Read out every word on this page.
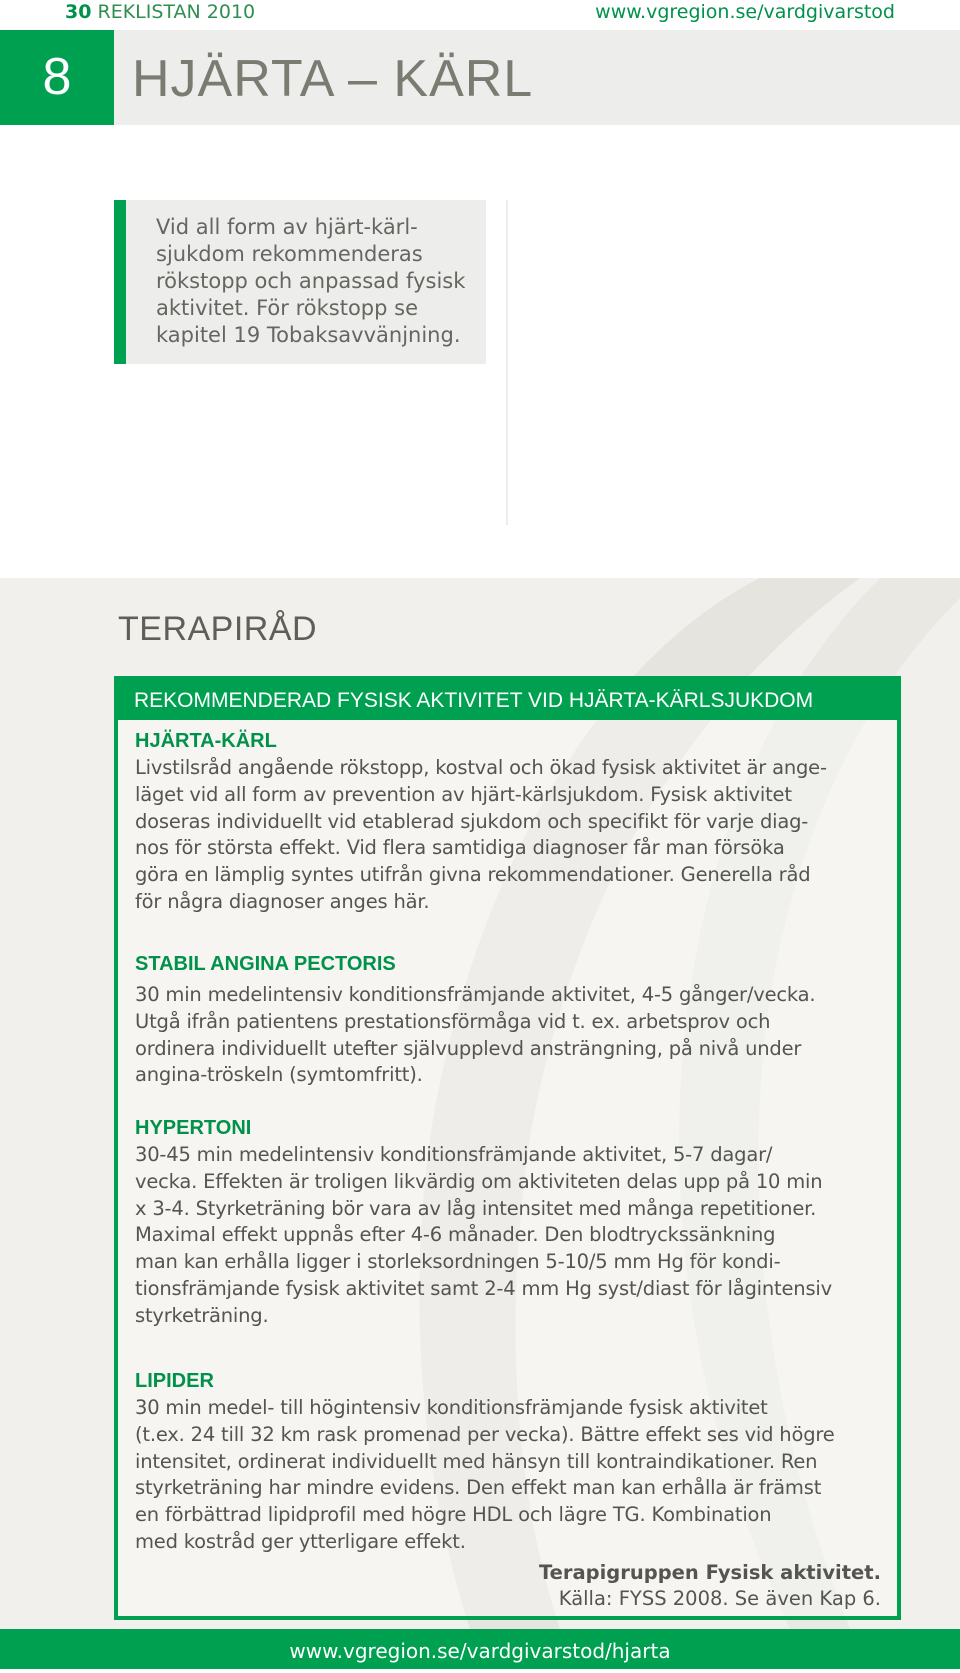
30 REKLISTAN 2010	www.vgregion.se/vardgivarstod
8	HJÄRTA – KÄRL
Vid all form av hjärt-kärl-
sjukdom rekommenderas
rökstopp och anpassad fysisk
aktivitet. För rökstopp se
kapitel 19 Tobaksavvänjning.
TERAPIRÅD
REKOMMENDERAD FYSISK AKTIVITET VID HJÄRTA-KÄRLSJUKDOM
HJÄRTA-KÄRL

Livstilsråd angående rökstopp, kostval och ökad fysisk aktivitet är ange-

läget vid all form av prevention av hjärt-kärlsjukdom. Fysisk aktivitet

doseras individuellt vid etablerad sjukdom och specifikt för varje diag-

nos för största effekt. Vid flera samtidiga diagnoser får man försöka

göra en lämplig syntes utifrån givna rekommendationer. Generella råd

för några diagnoser anges här.

STABIL ANGINA PECTORIS

30 min medelintensiv konditionsfrämjande aktivitet, 4-5 gånger/vecka.

Utgå ifrån patientens prestationsförmåga vid t. ex. arbetsprov och

ordinera individuellt utefter självupplevd ansträngning, på nivå under

angina-tröskeln (symtomfritt).

HYPERTONI

30-45 min medelintensiv konditionsfrämjande aktivitet, 5-7 dagar/

vecka. Effekten är troligen likvärdig om aktiviteten delas upp på 10 min

x 3-4. Styrketräning bör vara av låg intensitet med många repetitioner.

Maximal effekt uppnås efter 4-6 månader. Den blodtryckssänkning

man kan erhålla ligger i storleksordningen 5-10/5 mm Hg för kondi-

tionsfrämjande fysisk aktivitet samt 2-4 mm Hg syst/diast för lågintensiv

styrketräning.

LIPIDER

30 min medel- till högintensiv konditionsfrämjande fysisk aktivitet

(t.ex. 24 till 32 km rask promenad per vecka). Bättre effekt ses vid högre

intensitet, ordinerat individuellt med hänsyn till kontraindikationer. Ren

styrketräning har mindre evidens. Den effekt man kan erhålla är främst

en förbättrad lipidprofil med högre HDL och lägre TG. Kombination

med kostråd ger ytterligare effekt.

Terapigruppen Fysisk aktivitet.
Källa: FYSS 2008. Se även Kap 6.
www.vgregion.se/vardgivarstod/hjarta
